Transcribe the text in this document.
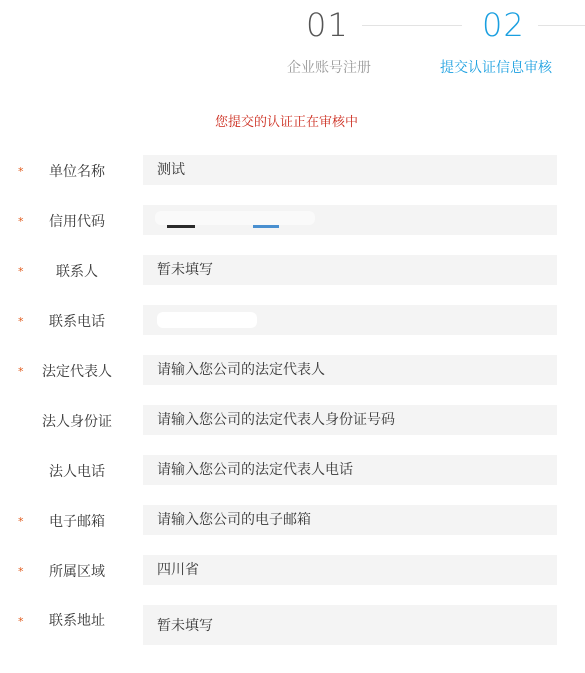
01	02
企业账号注册	提交认证信息审核
您提交的认证正在审核中
*	单位名称	测试
*	信用代码
*	联系人	暂未填写
*	联系电话
*	法定代表人	请输入您公司的法定代表人
法人身份证	请输入您公司的法定代表人身份证号码
法人电话	请输入您公司的法定代表人电话
*	电子邮箱	请输入您公司的电子邮箱
*	所属区域	四川省
*	联系地址	暂未填写
